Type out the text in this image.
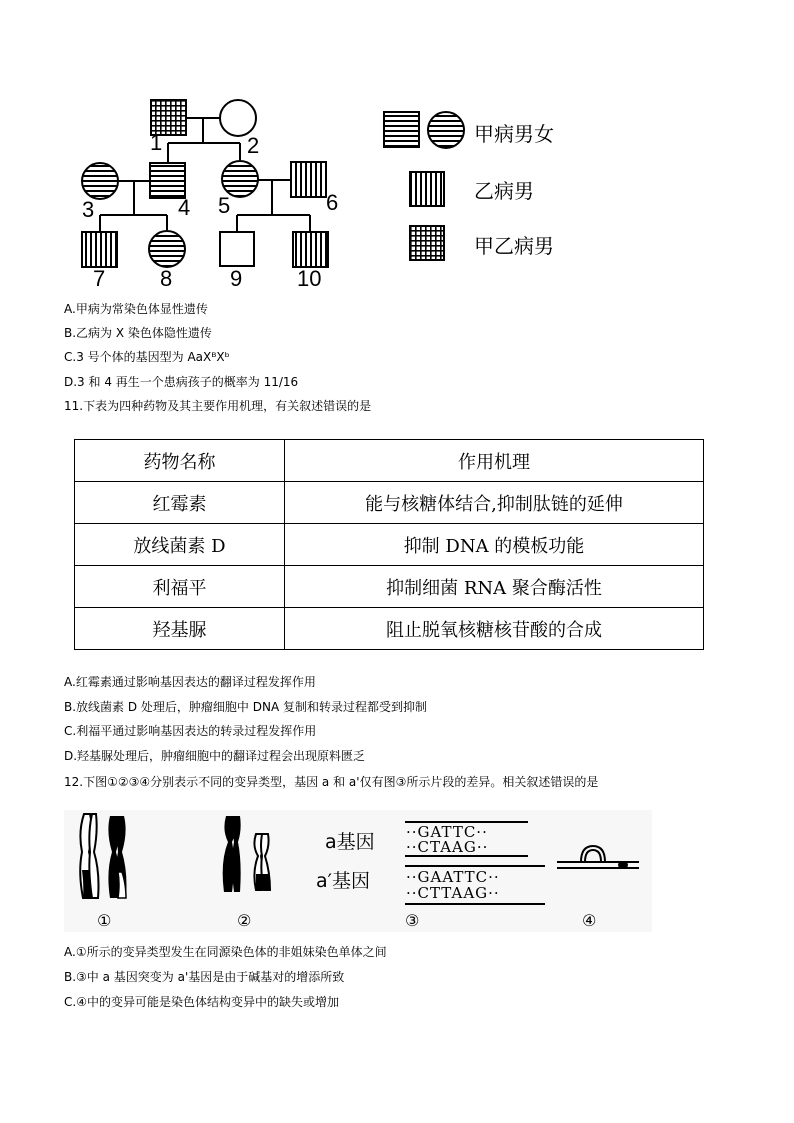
1	2
3	4 5	6
7 8	9 10
甲病男女
乙病男
甲乙病男
A.甲病为常染色体显性遗传
B.乙病为 X 染色体隐性遗传
C.3 号个体的基因型为 AaXᴮXᵇ
D.3 和 4 再生一个患病孩子的概率为 11/16
11.下表为四种药物及其主要作用机理，有关叙述错误的是
药物名称	作用机理
红霉素	能与核糖体结合,抑制肽链的延伸
放线菌素 D	抑制 DNA 的模板功能
利福平	抑制细菌 RNA 聚合酶活性
羟基脲	阻止脱氧核糖核苷酸的合成
A.红霉素通过影响基因表达的翻译过程发挥作用
B.放线菌素 D 处理后，肿瘤细胞中 DNA 复制和转录过程都受到抑制
C.利福平通过影响基因表达的转录过程发挥作用
D.羟基脲处理后，肿瘤细胞中的翻译过程会出现原料匮乏
12.下图①②③④分别表示不同的变异类型，基因 a 和 a'仅有图③所示片段的差异。相关叙述错误的是
a基因
a′基因
··GATTC··
··CTAAG··
··GAATTC··
··CTTAAG··
①	②	③	④
A.①所示的变异类型发生在同源染色体的非姐妹染色单体之间
B.③中 a 基因突变为 a'基因是由于碱基对的增添所致
C.④中的变异可能是染色体结构变异中的缺失或增加
